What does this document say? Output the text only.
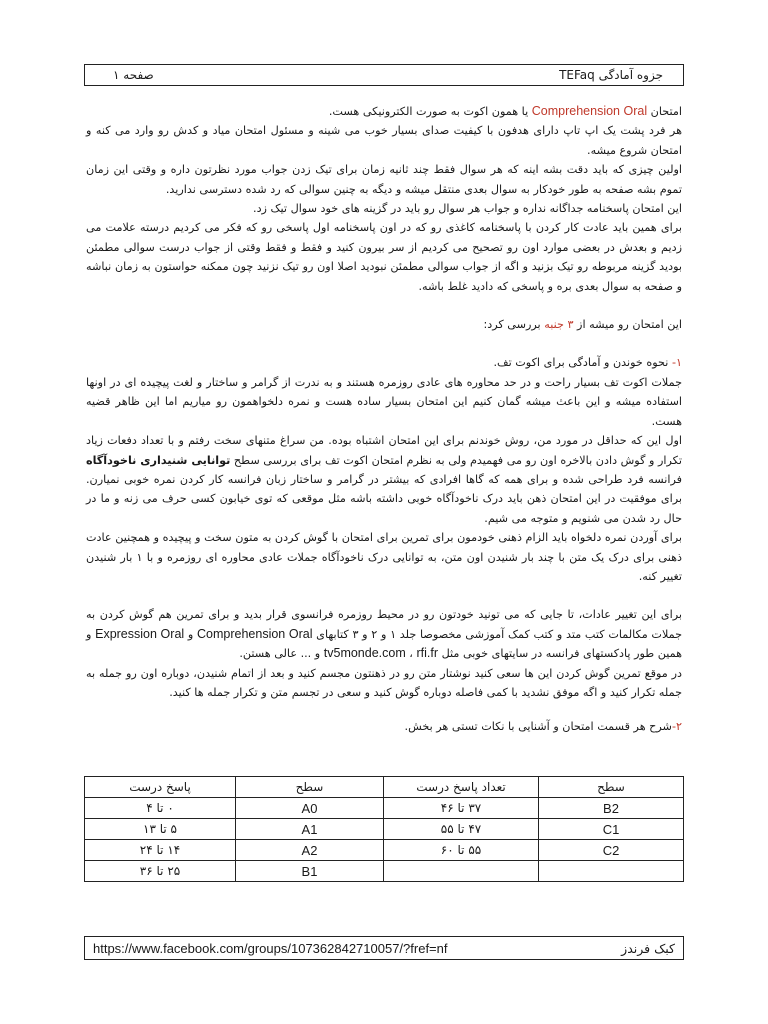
صفحه ۱	جزوه آمادگی TEFaq

امتحان Comprehension Oral یا همون اکوت به صورت الکترونیکی هست.

هر فرد پشت یک اپ تاپ دارای هدفون با کیفیت صدای بسیار خوب می شینه و مسئول امتحان میاد و کدش رو وارد می کنه و امتحان شروع میشه.

اولین چیزی که باید دقت بشه اینه که هر سوال فقط چند ثانیه زمان برای تیک زدن جواب مورد نظرتون داره و وقتی این زمان تموم بشه صفحه به طور خودکار به سوال بعدی منتقل میشه و دیگه به چنین سوالی که رد شده دسترسی ندارید.

این امتحان پاسخنامه جداگانه نداره و جواب هر سوال رو باید در گزینه های خود سوال تیک زد.

برای همین باید عادت کار کردن با پاسخنامه کاغذی رو که در اون پاسخنامه اول پاسخی رو که فکر می کردیم درسته علامت می زدیم و بعدش در بعضی موارد اون رو تصحیح می کردیم از سر بیرون کنید و فقط و فقط وقتی از جواب درست سوالی مطمئن بودید گزینه مربوطه رو تیک بزنید و اگه از جواب سوالی مطمئن نبودید اصلا اون رو تیک نزنید چون ممکنه حواستون به زمان نباشه و صفحه به سوال بعدی بره و پاسخی که دادید غلط باشه.

این امتحان رو میشه از ۳ جنبه بررسی کرد:

۱- نحوه خوندن و آمادگی برای اکوت تف.

جملات اکوت تف بسیار راحت و در حد محاوره های عادی روزمره هستند و به ندرت از گرامر و ساختار و لغت پیچیده ای در اونها استفاده میشه و این باعث میشه گمان کنیم این امتحان بسیار ساده هست و نمره دلخواهمون رو میاریم اما این ظاهر قضیه هست.

اول این که حداقل در مورد من، روش خوندنم برای این امتحان اشتباه بوده. من سراغ متنهای سخت رفتم و با تعداد دفعات زیاد تکرار و گوش دادن بالاخره اون رو می فهمیدم ولی به نظرم امتحان اکوت تف برای بررسی سطح توانایی شنیداری ناخودآگاه فرانسه فرد طراحی شده و برای همه که گاها افرادی که بیشتر در گرامر و ساختار زبان فرانسه کار کردن نمره خوبی نمیارن. برای موفقیت در این امتحان ذهن باید درک ناخودآگاه خوبی داشته باشه مثل موقعی که توی خیابون کسی حرف می زنه و ما در حال رد شدن می شنویم و متوجه می شیم.

برای آوردن نمره دلخواه باید الزام ذهنی خودمون برای تمرین برای امتحان با گوش کردن به متون سخت و پیچیده و همچنین عادت ذهنی برای درک یک متن با چند بار شنیدن اون متن، به توانایی درک ناخودآگاه جملات عادی محاوره ای روزمره و با ۱ بار شنیدن تغییر کنه.

برای این تغییر عادات، تا جایی که می تونید خودتون رو در محیط روزمره فرانسوی قرار بدید و برای تمرین هم گوش کردن به جملات مکالمات کتب متد و کتب کمک آموزشی مخصوصا جلد ۱ و ۲ و ۳ کتابهای Comprehension Oral و Expression Oral و همین طور پادکستهای فرانسه در سایتهای خوبی مثل tv5monde.com ، rfi.fr و ... عالی هستن.

در موقع تمرین گوش کردن این ها سعی کنید نوشتار متن رو در ذهنتون مجسم کنید و بعد از اتمام شنیدن، دوباره اون رو جمله به جمله تکرار کنید و اگه موفق نشدید با کمی فاصله دوباره گوش کنید و سعی در تجسم متن و تکرار جمله ها کنید.

۲-شرح هر قسمت امتحان و آشنایی با نکات تستی هر بخش.

سطح	تعداد پاسخ درست	سطح	پاسخ درست
B2	۳۷ تا ۴۶	A0	۰ تا ۴
C1	۴۷ تا ۵۵	A1	۵ تا ۱۳
C2	۵۵ تا ۶۰	A2	۱۴ تا ۲۴
		B1	۲۵ تا ۳۶
https://www.facebook.com/groups/107362842710057/?fref=nf	کبک فرندز
